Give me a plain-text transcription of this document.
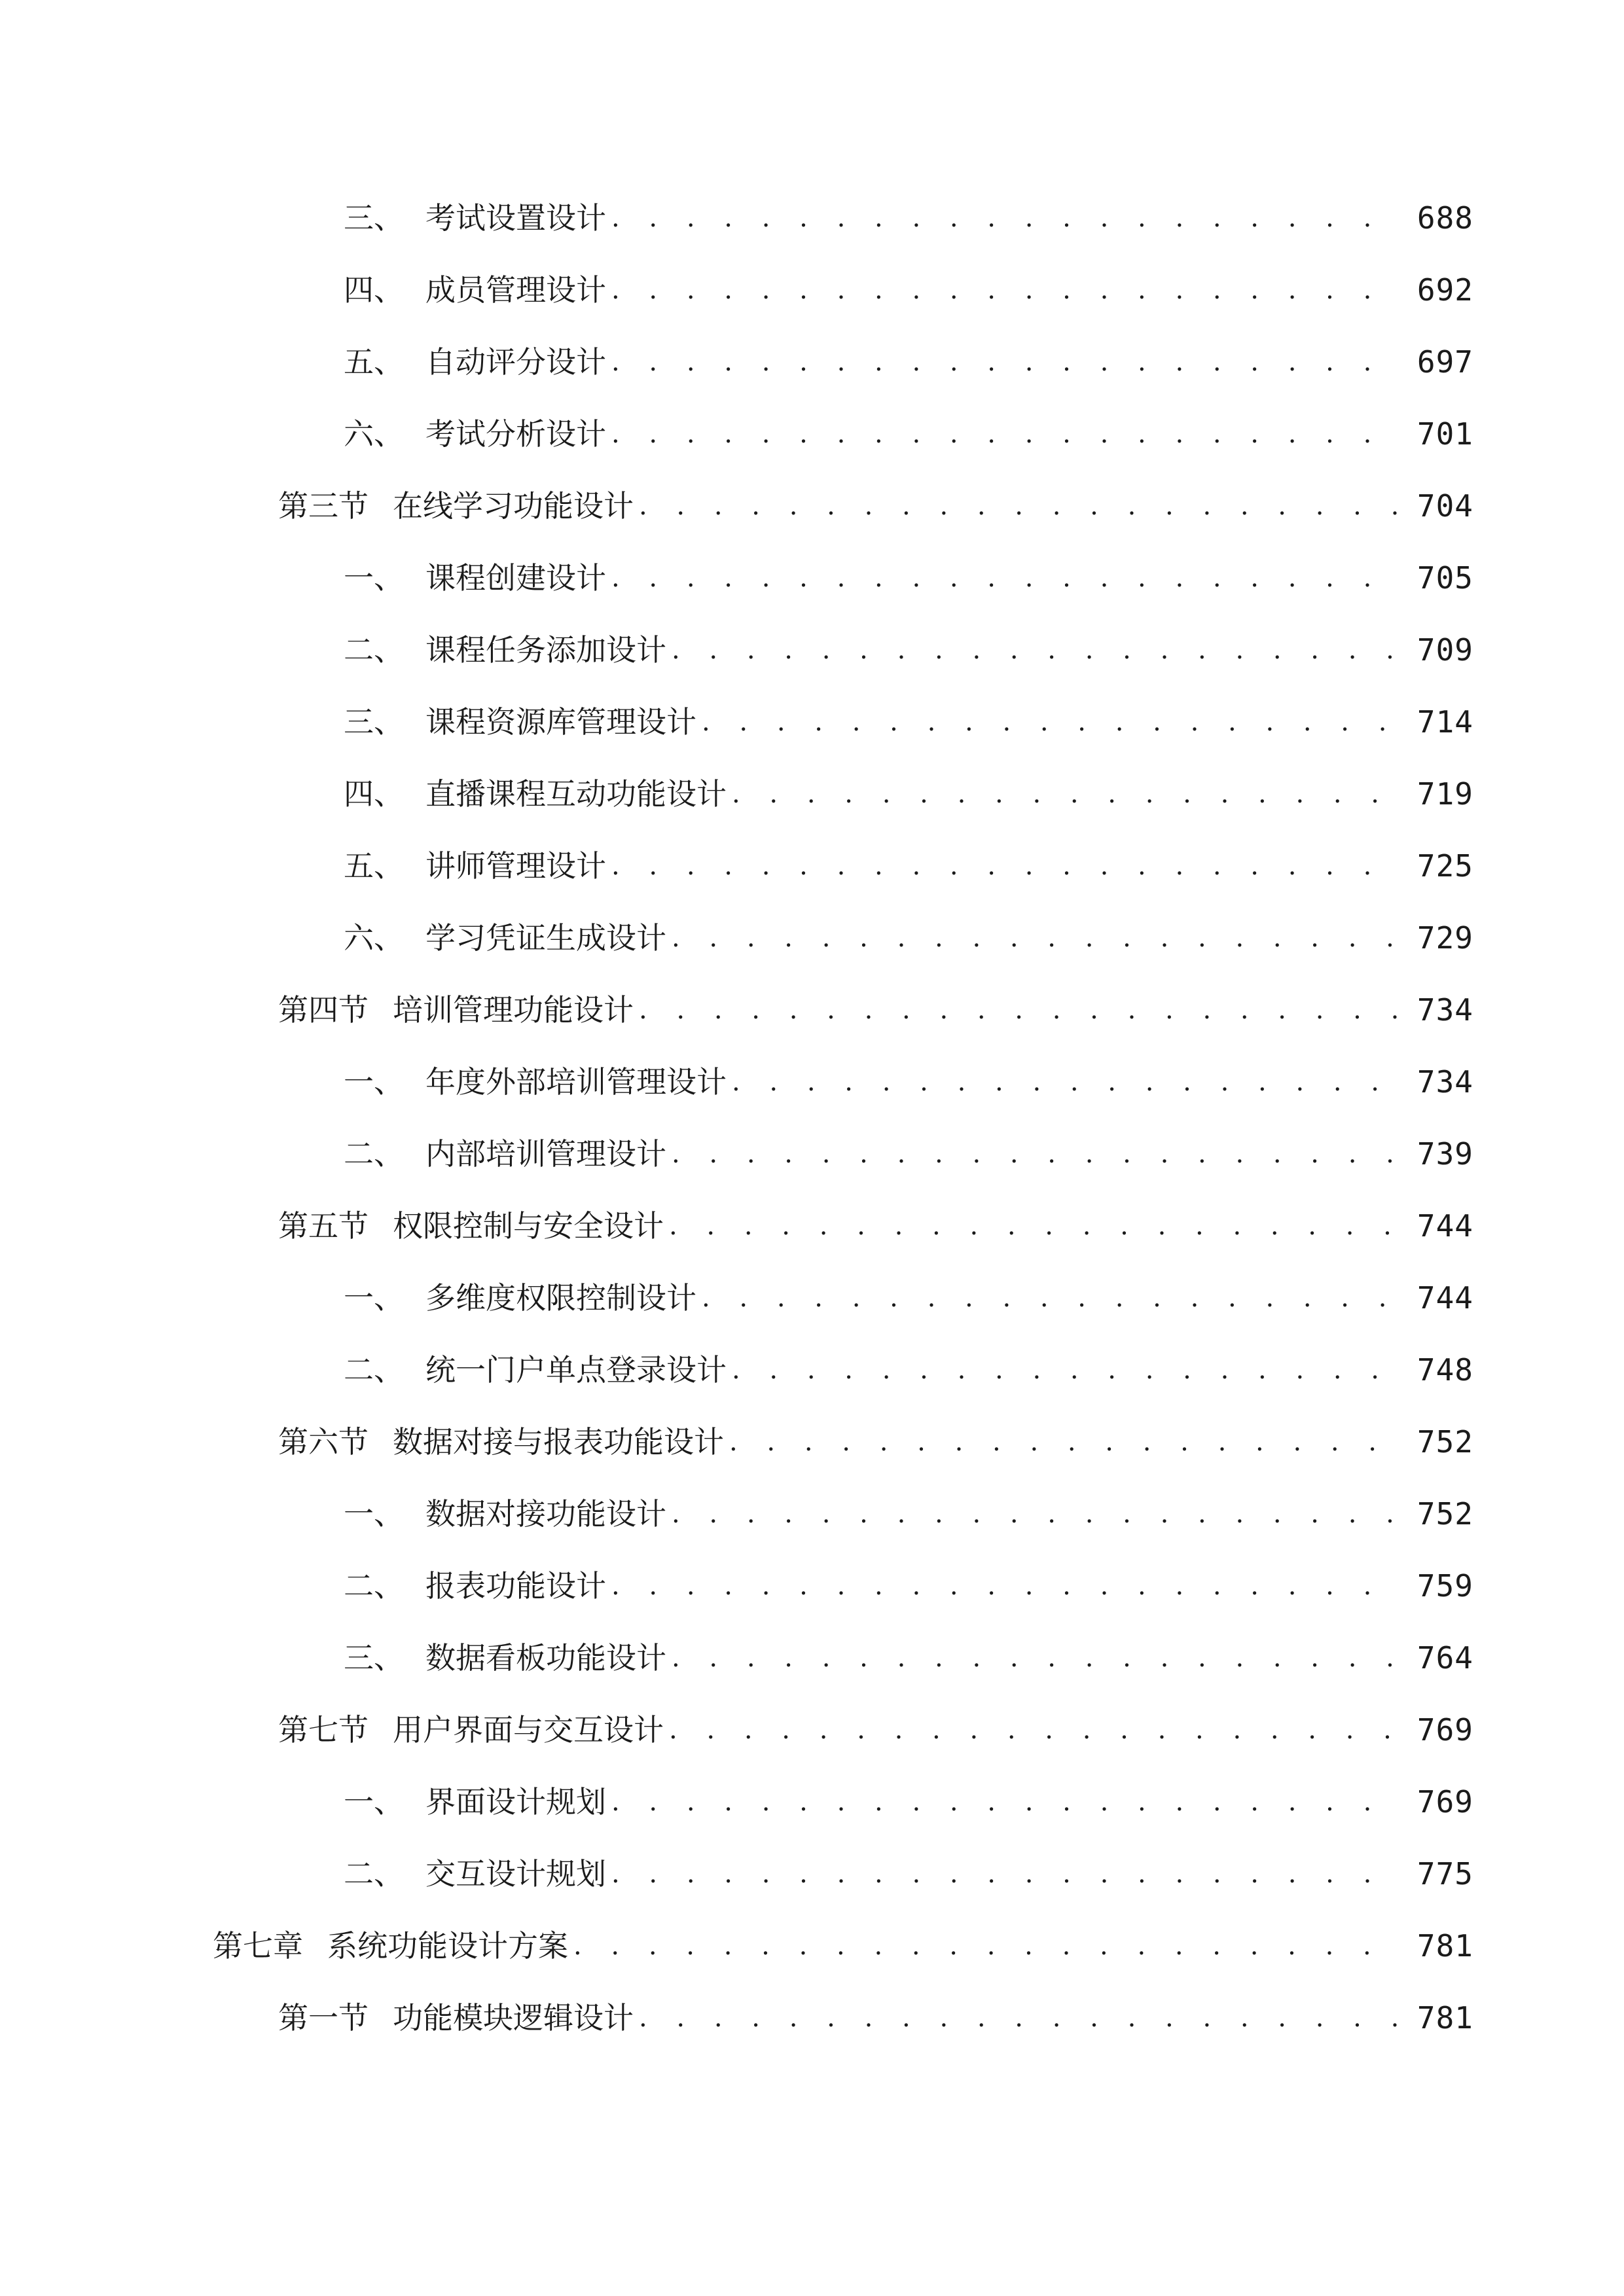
三、 考试设置设计 . . .	688
四、 成员管理设计 . . .	692
五、 自动评分设计 . . .	697
六、 考试分析设计 . . .	701
第三节 在线学习功能设计 . . .	704
一、 课程创建设计 . . .	705
二、 课程任务添加设计 . . .	709
三、 课程资源库管理设计 . . .	714
四、 直播课程互动功能设计 . . .	719
五、 讲师管理设计 . . .	725
六、 学习凭证生成设计 . . .	729
第四节 培训管理功能设计 . . .	734
一、 年度外部培训管理设计 . . .	734
二、 内部培训管理设计 . . .	739
第五节 权限控制与安全设计 . . .	744
一、 多维度权限控制设计 . . .	744
二、 统一门户单点登录设计 . . .	748
第六节 数据对接与报表功能设计 . . .	752
一、 数据对接功能设计 . . .	752
二、 报表功能设计 . . .	759
三、 数据看板功能设计 . . .	764
第七节 用户界面与交互设计 . . .	769
一、 界面设计规划 . . .	769
二、 交互设计规划 . . .	775
第七章 系统功能设计方案 . . .	781
第一节 功能模块逻辑设计 . . .	781
